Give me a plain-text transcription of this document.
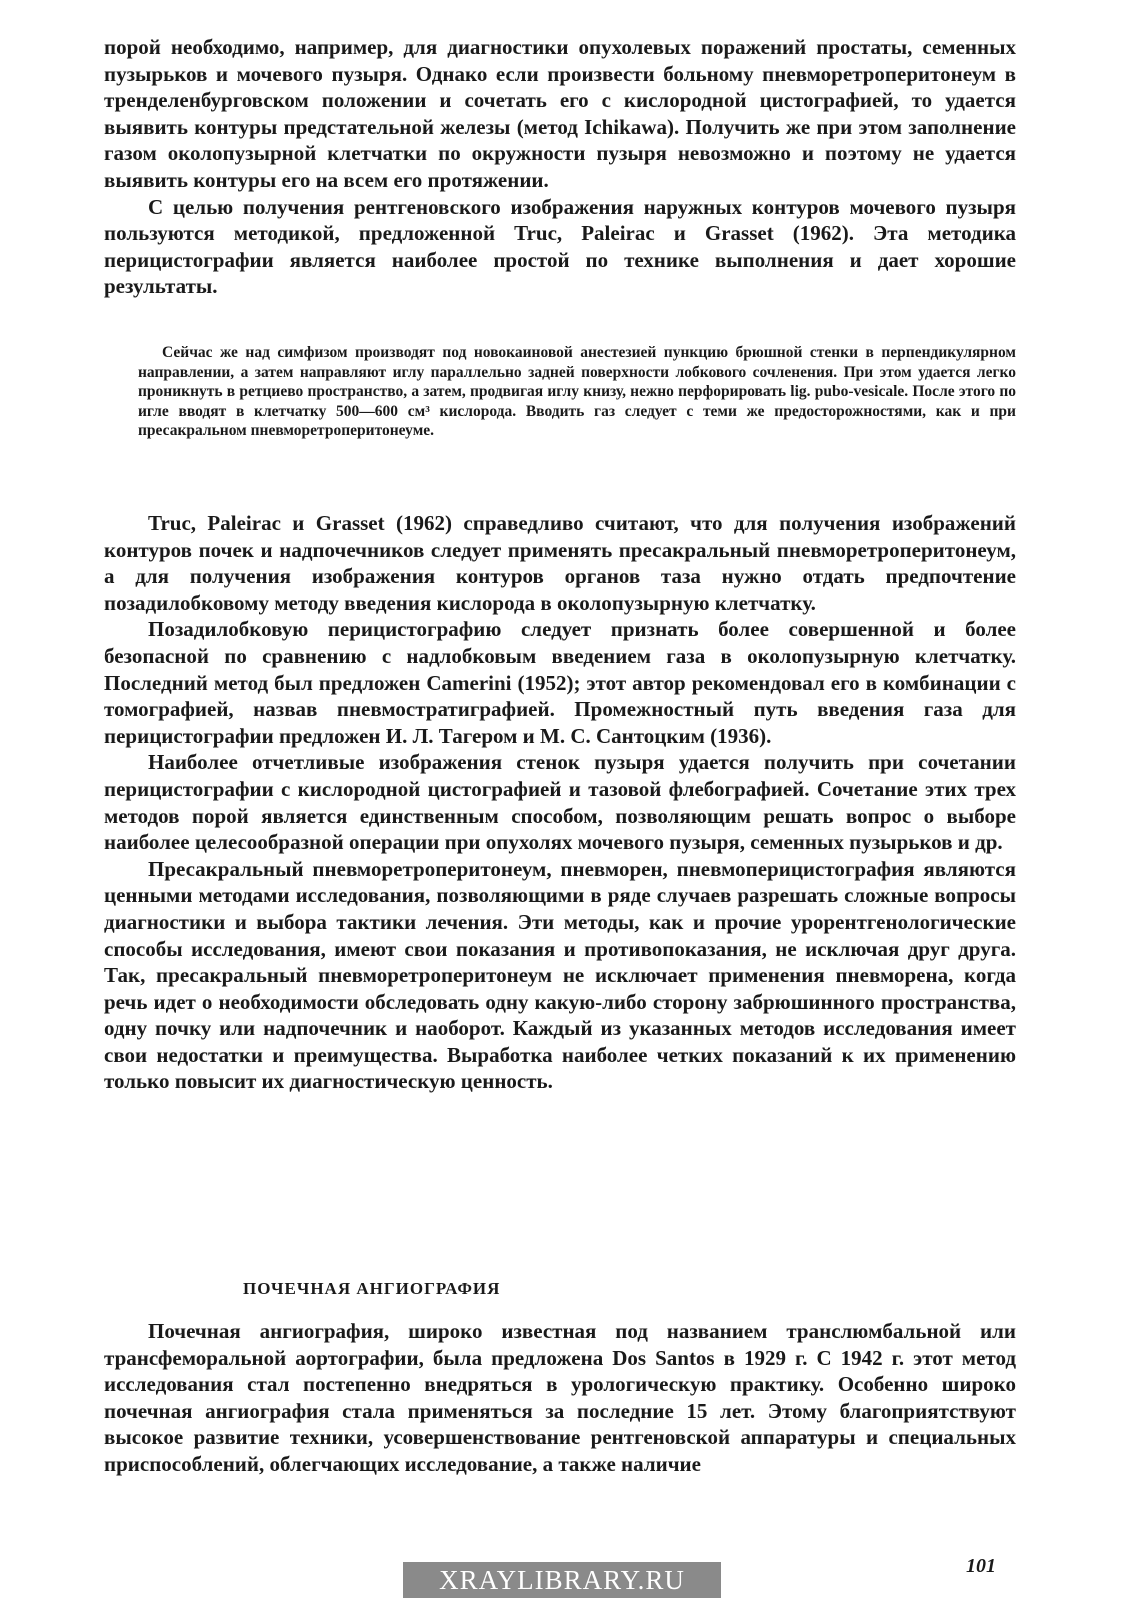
порой необходимо, например, для диагностики опухолевых поражений простаты, семенных пузырьков и мочевого пузыря. Однако если произвести больному пневморетроперитонеум в тренделенбурговском положении и сочетать его с кислородной цистографией, то удается выявить контуры предстательной железы (метод Ichikawa). Получить же при этом заполнение газом околопузырной клетчатки по окружности пузыря невозможно и поэтому не удается выявить контуры его на всем его протяжении.

С целью получения рентгеновского изображения наружных контуров мочевого пузыря пользуются методикой, предложенной Truc, Paleirac и Grasset (1962). Эта методика перицистографии является наиболее простой по технике выполнения и дает хорошие результаты.

Сейчас же над симфизом производят под новокаиновой анестезией пункцию брюшной стенки в перпендикулярном направлении, а затем направляют иглу параллельно задней поверхности лобкового сочленения. При этом удается легко проникнуть в ретциево пространство, а затем, продвигая иглу книзу, нежно перфорировать lig. pubo-vesicale. После этого по игле вводят в клетчатку 500—600 см³ кислорода. Вводить газ следует с теми же предосторожностями, как и при пресакральном пневморетроперитонеуме.

Truc, Paleirac и Grasset (1962) справедливо считают, что для получения изображений контуров почек и надпочечников следует применять пресакральный пневморетроперитонеум, а для получения изображения контуров органов таза нужно отдать предпочтение позадилобковому методу введения кислорода в околопузырную клетчатку.

Позадилобковую перицистографию следует признать более совершенной и более безопасной по сравнению с надлобковым введением газа в околопузырную клетчатку. Последний метод был предложен Camerini (1952); этот автор рекомендовал его в комбинации с томографией, назвав пневмостратиграфией. Промежностный путь введения газа для перицистографии предложен И. Л. Тагером и М. С. Сантоцким (1936).

Наиболее отчетливые изображения стенок пузыря удается получить при сочетании перицистографии с кислородной цистографией и тазовой флебографией. Сочетание этих трех методов порой является единственным способом, позволяющим решать вопрос о выборе наиболее целесообразной операции при опухолях мочевого пузыря, семенных пузырьков и др.

Пресакральный пневморетроперитонеум, пневморен, пневмоперицистография являются ценными методами исследования, позволяющими в ряде случаев разрешать сложные вопросы диагностики и выбора тактики лечения. Эти методы, как и прочие урорентгенологические способы исследования, имеют свои показания и противопоказания, не исключая друг друга. Так, пресакральный пневморетроперитонеум не исключает применения пневморена, когда речь идет о необходимости обследовать одну какую-либо сторону забрюшинного пространства, одну почку или надпочечник и наоборот. Каждый из указанных методов исследования имеет свои недостатки и преимущества. Выработка наиболее четких показаний к их применению только повысит их диагностическую ценность.

ПОЧЕЧНАЯ АНГИОГРАФИЯ

Почечная ангиография, широко известная под названием транслюмбальной или трансфеморальной аортографии, была предложена Dos Santos в 1929 г. С 1942 г. этот метод исследования стал постепенно внедряться в урологическую практику. Особенно широко почечная ангиография стала применяться за последние 15 лет. Этому благоприятствуют высокое развитие техники, усовершенствование рентгеновской аппаратуры и специальных приспособлений, облегчающих исследование, а также наличие

101
XRAYLIBRARY.RU
